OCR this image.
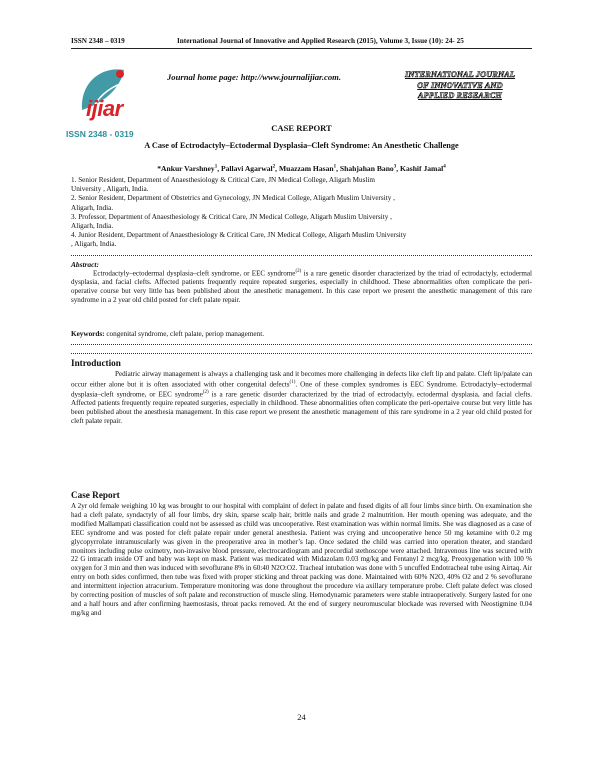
ISSN 2348 – 0319	International Journal of Innovative and Applied Research (2015), Volume 3, Issue (10): 24- 25
ijiar
ISSN 2348 - 0319
Journal home page: http://www.journalijiar.com.	INTERNATIONAL JOURNAL
OF INNOVATIVE AND
APPLIED RESEARCH
CASE REPORT
A Case of Ectrodactyly–Ectodermal Dysplasia–Cleft Syndrome: An Anesthetic Challenge
*Ankur Varshney$^1$, Pallavi Agarwal$^2$, Muazzam Hasan$^1$, Shahjahan Bano$^3$, Kashif Jamal$^4$
1. Senior Resident, Department of Anaesthesiology & Critical Care, JN Medical College, Aligarh Muslim
University , Aligarh, India.
2. Senior Resident, Department of Obstetrics and Gynecology, JN Medical College, Aligarh Muslim University ,
Aligarh, India.
3. Professor, Department of Anaesthesiology & Critical Care, JN Medical College, Aligarh Muslim University ,
Aligarh, India.
4. Junior Resident, Department of Anaesthesiology & Critical Care, JN Medical College, Aligarh Muslim University
, Aligarh, India.
Abstract:
Ectrodactyly–ectodermal dysplasia–cleft syndrome, or EEC syndrome$^{(2)}$ is a rare genetic disorder characterized by the triad of ectrodactyly, ectodermal dysplasia, and facial clefts. Affected patients frequently require repeated surgeries, especially in childhood. These abnormalities often complicate the peri-operative course but very little has been published about the anesthetic management. In this case report we present the anesthetic management of this rare syndrome in a 2 year old child posted for cleft palate repair.
Keywords: congenital syndrome, cleft palate, periop management.
Introduction
Pediatric airway management is always a challenging task and it becomes more challenging in defects like cleft lip and palate. Cleft lip/palate can occur either alone but it is often associated with other congenital defects$^{(1)}$. One of these complex syndromes is EEC Syndrome. Ectrodactyly–ectodermal dysplasia–cleft syndrome, or EEC syndrome$^{(2)}$ is a rare genetic disorder characterized by the triad of ectrodactyly, ectodermal dysplasia, and facial clefts. Affected patients frequently require repeated surgeries, especially in childhood. These abnormalities often complicate the peri-opertaive course but very little has been published about the anesthesia management. In this case report we present the anesthetic management of this rare syndrome in a 2 year old child posted for cleft palate repair.
Case Report
A 2yr old female weighing 10 kg was brought to our hospital with complaint of defect in palate and fused digits of all four limbs since birth. On examination she had a cleft palate, syndactyly of all four limbs, dry skin, sparse scalp hair, brittle nails and grade 2 malnutrition. Her mouth opening was adequate, and the modified Mallampati classification could not be assessed as child was uncooperative. Rest examination was within normal limits. She was diagnosed as a case of EEC syndrome and was posted for cleft palate repair under general anesthesia. Patient was crying and uncooperative hence 50 mg ketamine with 0.2 mg glycopyrrolate intramuscularly was given in the preoperative area in mother’s lap. Once sedated the child was carried into operation theater, and standard monitors including pulse oximetry, non-invasive blood pressure, electrocardiogram and precordial stethoscope were attached. Intravenous line was secured with 22 G intracath inside OT and baby was kept on mask. Patient was medicated with Midazolam 0.03 mg/kg and Fentanyl 2 mcg/kg. Preoxygenation with 100 % oxygen for 3 min and then was induced with sevoflurane 8% in 60:40 N2O:O2. Tracheal intubation was done with 5 uncuffed Endotracheal tube using Airtaq. Air entry on both sides confirmed, then tube was fixed with proper sticking and throat packing was done. Maintained with 60% N2O, 40% O2 and 2 % sevoflurane and intermittent injection atracurium. Temperature monitoring was done throughout the procedure via axillary temperature probe. Cleft palate defect was closed by correcting position of muscles of soft palate and reconstruction of muscle sling. Hemodynamic parameters were stable intraoperatively. Surgery lasted for one and a half hours and after confirming haemostasis, throat packs removed. At the end of surgery neuromuscular blockade was reversed with Neostigmine 0.04 mg/kg and
24
